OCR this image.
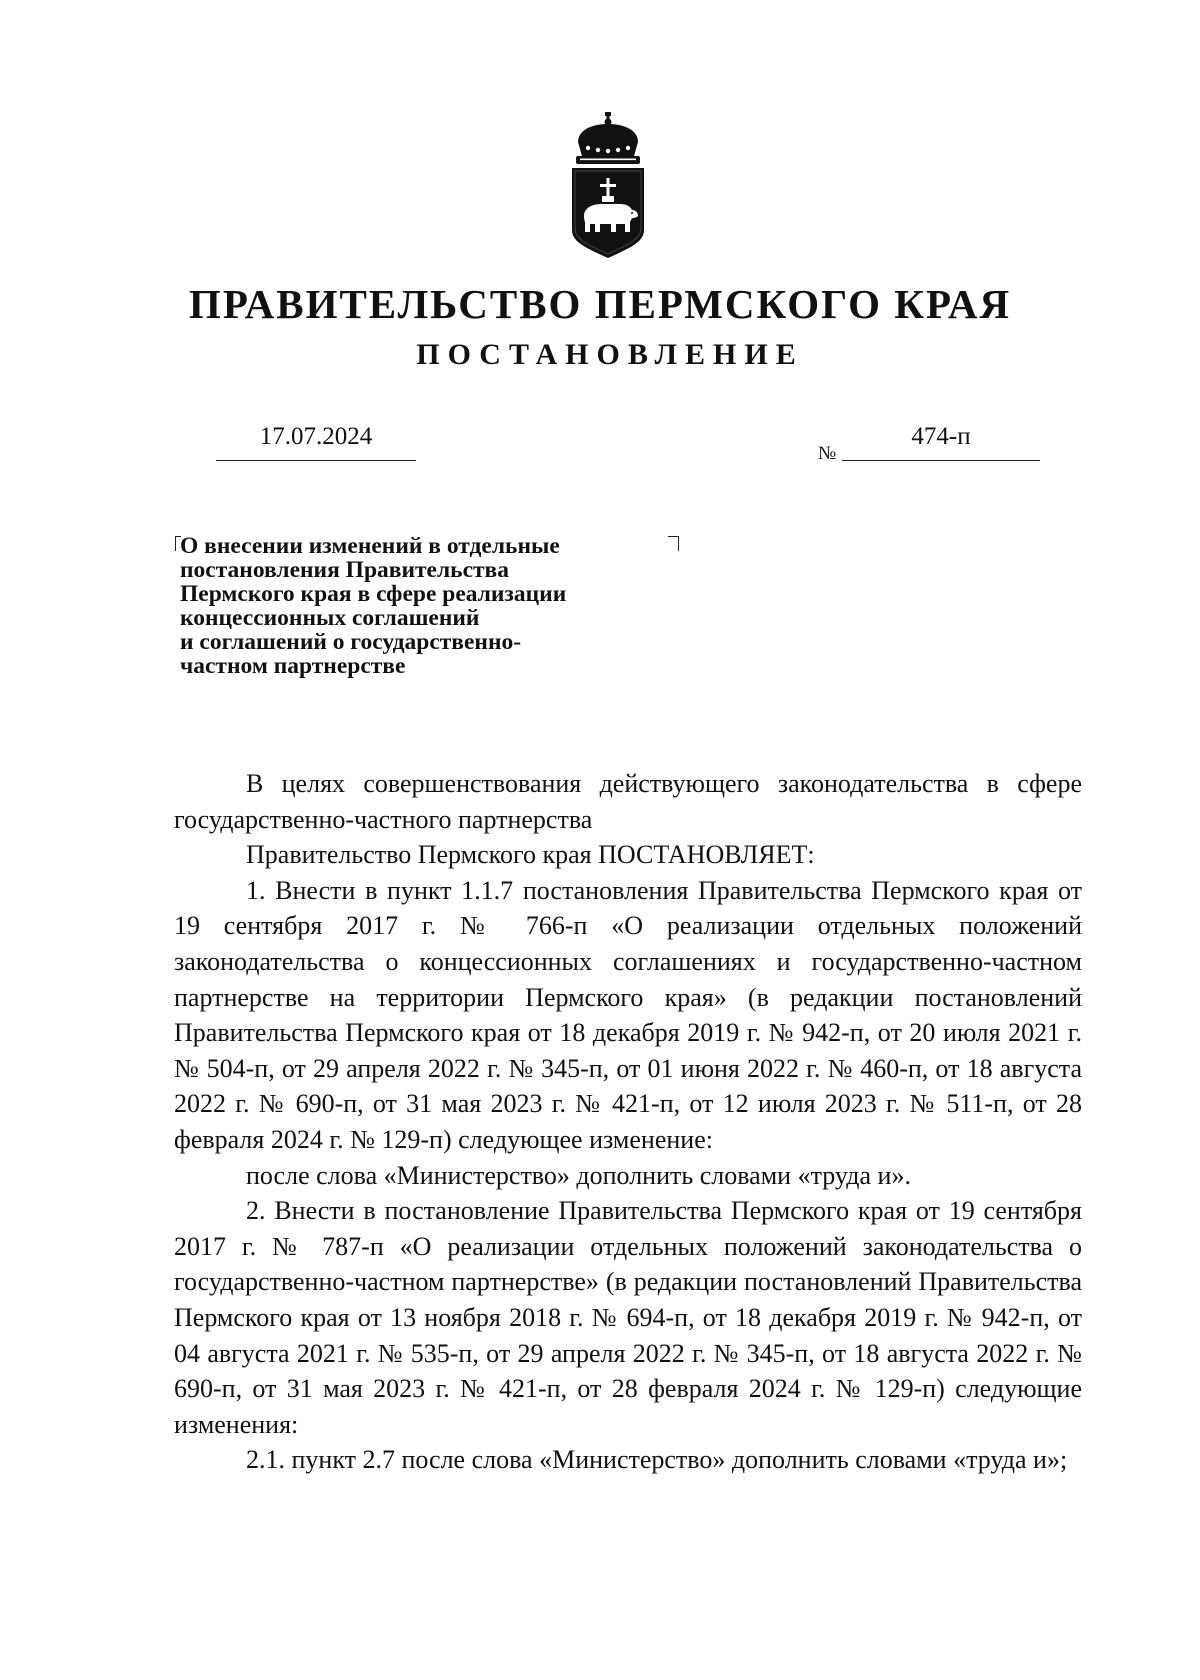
ПРАВИТЕЛЬСТВО ПЕРМСКОГО КРАЯ
ПОСТАНОВЛЕНИЕ
17.07.2024
№
474-п
О внесении изменений в отдельные
постановления Правительства
Пермского края в сфере реализации
концессионных соглашений
и соглашений о государственно-
частном партнерстве

В целях совершенствования действующего законодательства в сфере государственно-частного партнерства

Правительство Пермского края ПОСТАНОВЛЯЕТ:

1. Внести в пункт 1.1.7 постановления Правительства Пермского края от 19 сентября 2017 г. № 766-п «О реализации отдельных положений законодательства о концессионных соглашениях и государственно-частном партнерстве на территории Пермского края» (в редакции постановлений Правительства Пермского края от 18 декабря 2019 г. № 942-п, от 20 июля 2021 г. № 504-п, от 29 апреля 2022 г. № 345-п, от 01 июня 2022 г. № 460-п, от 18 августа 2022 г. № 690-п, от 31 мая 2023 г. № 421-п, от 12 июля 2023 г. № 511-п, от 28 февраля 2024 г. № 129-п) следующее изменение:

после слова «Министерство» дополнить словами «труда и».

2. Внести в постановление Правительства Пермского края от 19 сентября 2017 г. № 787-п «О реализации отдельных положений законодательства о государственно-частном партнерстве» (в редакции постановлений Правительства Пермского края от 13 ноября 2018 г. № 694-п, от 18 декабря 2019 г. № 942-п, от 04 августа 2021 г. № 535-п, от 29 апреля 2022 г. № 345-п, от 18 августа 2022 г. № 690-п, от 31 мая 2023 г. № 421-п, от 28 февраля 2024 г. № 129-п) следующие изменения:

2.1. пункт 2.7 после слова «Министерство» дополнить словами «труда и»;
